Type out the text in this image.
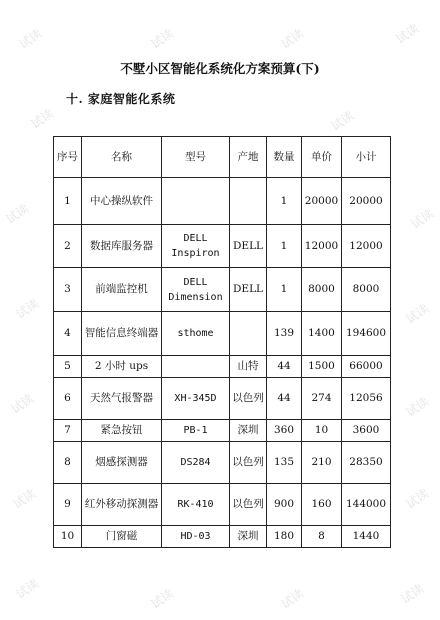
试读	试读	试读	试读
试读	试读
试读	试读
试读	试读
试读	试读
试读	试读
试读	试读	试读	试读
不墅小区智能化系统化方案预算(下)
十. 家庭智能化系统
序号	名称	型号	产地	数量	单价	小计
1	中心操纵软件			1	20000	20000
2	数据库服务器	DELL Inspiron	DELL	1	12000	12000
3	前端监控机	DELL Dimension	DELL	1	8000	8000
4	智能信息终端器	sthome		139	1400	194600
5	2 小时 ups		山特	44	1500	66000
6	天然气报警器	XH-345D	以色列	44	274	12056
7	紧急按钮	PB-1	深圳	360	10	3600
8	烟感探测器	DS284	以色列	135	210	28350
9	红外移动探测器	RK-410	以色列	900	160	144000
10	门窗磁	HD-03	深圳	180	8	1440
